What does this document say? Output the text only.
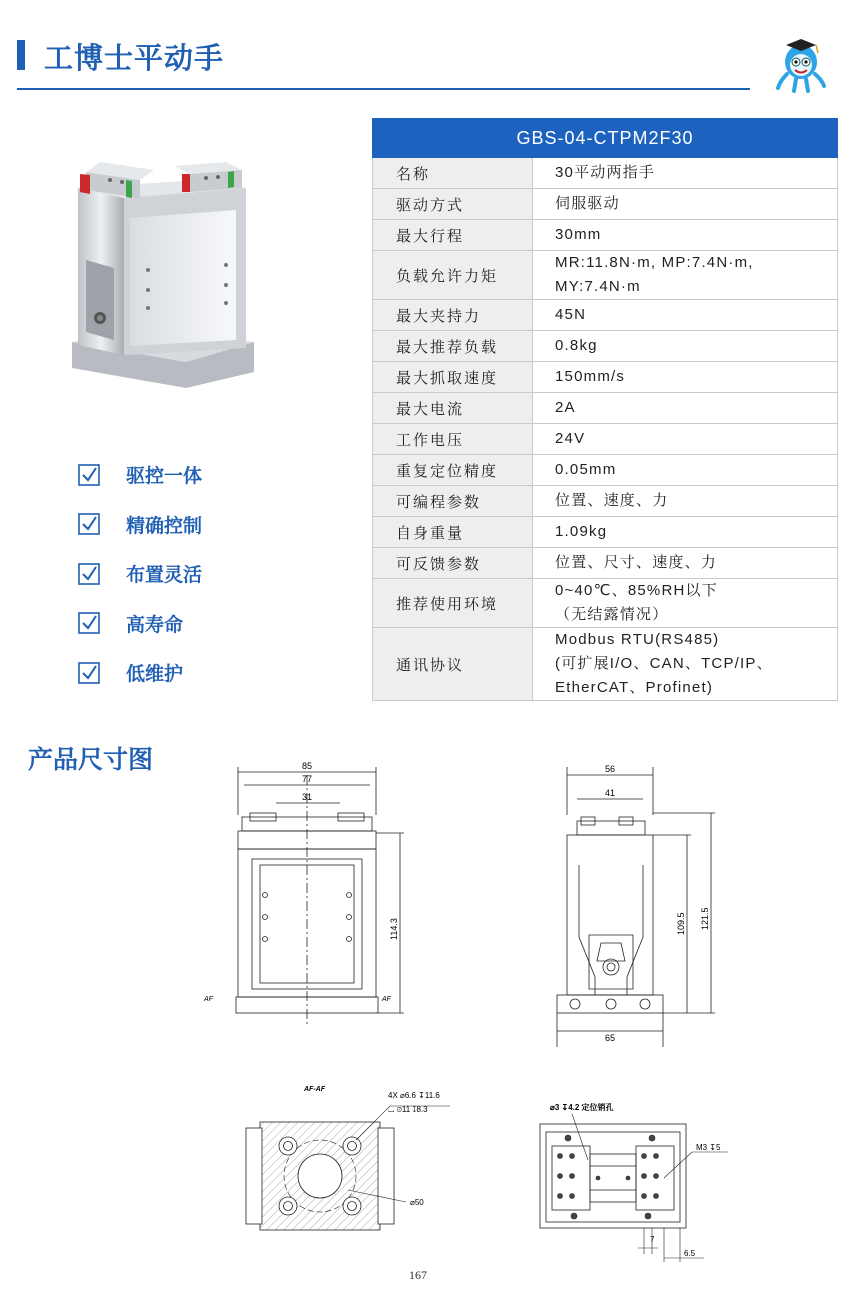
工博士平动手
驱控一体
精确控制
布置灵活
高寿命
低维护
GBS-04-CTPM2F30	
名称	30平动两指手
驱动方式	伺服驱动
最大行程	30mm
负载允许力矩	MR:11.8N·m, MP:7.4N·m,
MY:7.4N·m
最大夹持力	45N
最大推荐负载	0.8kg
最大抓取速度	150mm/s
最大电流	2A
工作电压	24V
重复定位精度	0.05mm
可编程参数	位置、速度、力
自身重量	1.09kg
可反馈参数	位置、尺寸、速度、力
推荐使用环境	0~40℃、85%RH以下
（无结露情况）
通讯协议	Modbus RTU(RS485)
(可扩展I/O、CAN、TCP/IP、
EtherCAT、Profinet)
产品尺寸图	85
77
31
114.3
AF	AF
56
41
109.5 121.5
65
AF-AF
4X ⌀6.6 ↧11.6
⌴ ⌀11 ↧8.3
⌀50
⌀3 ↧4.2 定位销孔
M3 ↧5
7
6.5
167
